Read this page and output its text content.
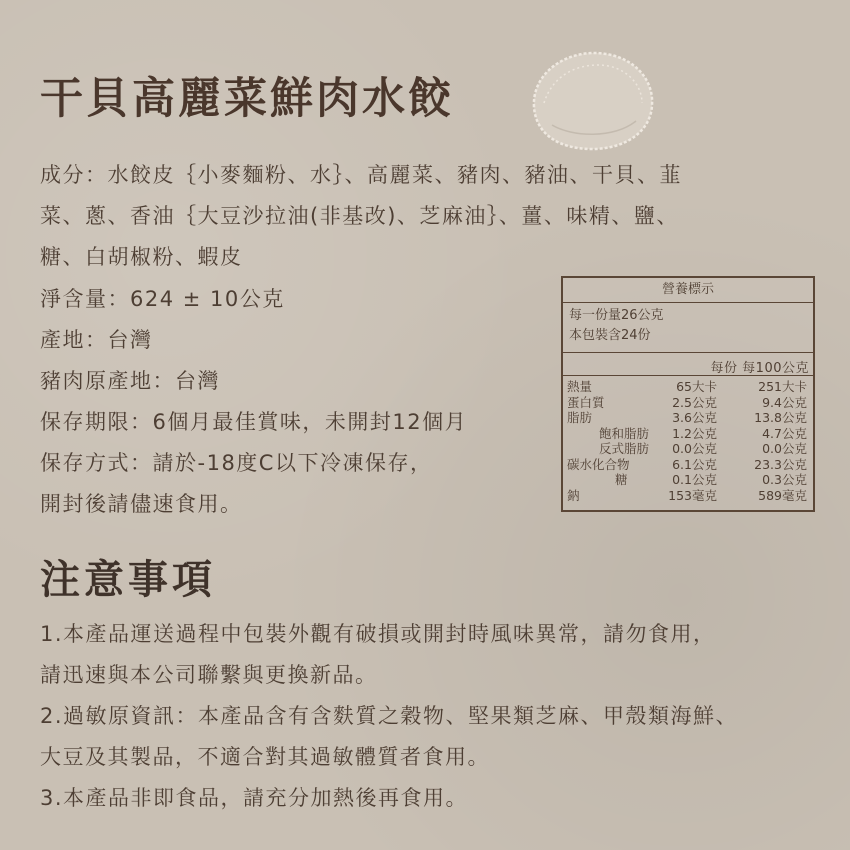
干貝高麗菜鮮肉水餃
成分：水餃皮｛小麥麵粉、水｝、高麗菜、豬肉、豬油、干貝、韮
菜、蔥、香油｛大豆沙拉油(非基改)、芝麻油｝、薑、味精、鹽、
糖、白胡椒粉、蝦皮
淨含量：624 ± 10公克
產地：台灣
豬肉原產地：台灣
保存期限：6個月最佳賞味，未開封12個月
保存方式：請於-18度C以下冷凍保存，
開封後請儘速食用。
營養標示
每一份量26公克
本包裝含24份
每份 每100公克
熱量	65大卡	251大卡
蛋白質	2.5公克	9.4公克
脂肪	3.6公克	13.8公克
飽和脂肪 1.2公克	4.7公克
反式脂肪 0.0公克	0.0公克
碳水化合物	6.1公克	23.3公克
糖	0.1公克	0.3公克
鈉	153毫克	589毫克
注意事項
1.本產品運送過程中包裝外觀有破損或開封時風味異常，請勿食用，
請迅速與本公司聯繫與更換新品。
2.過敏原資訊：本產品含有含麩質之穀物、堅果類芝麻、甲殼類海鮮、
大豆及其製品，不適合對其過敏體質者食用。
3.本產品非即食品，請充分加熱後再食用。
